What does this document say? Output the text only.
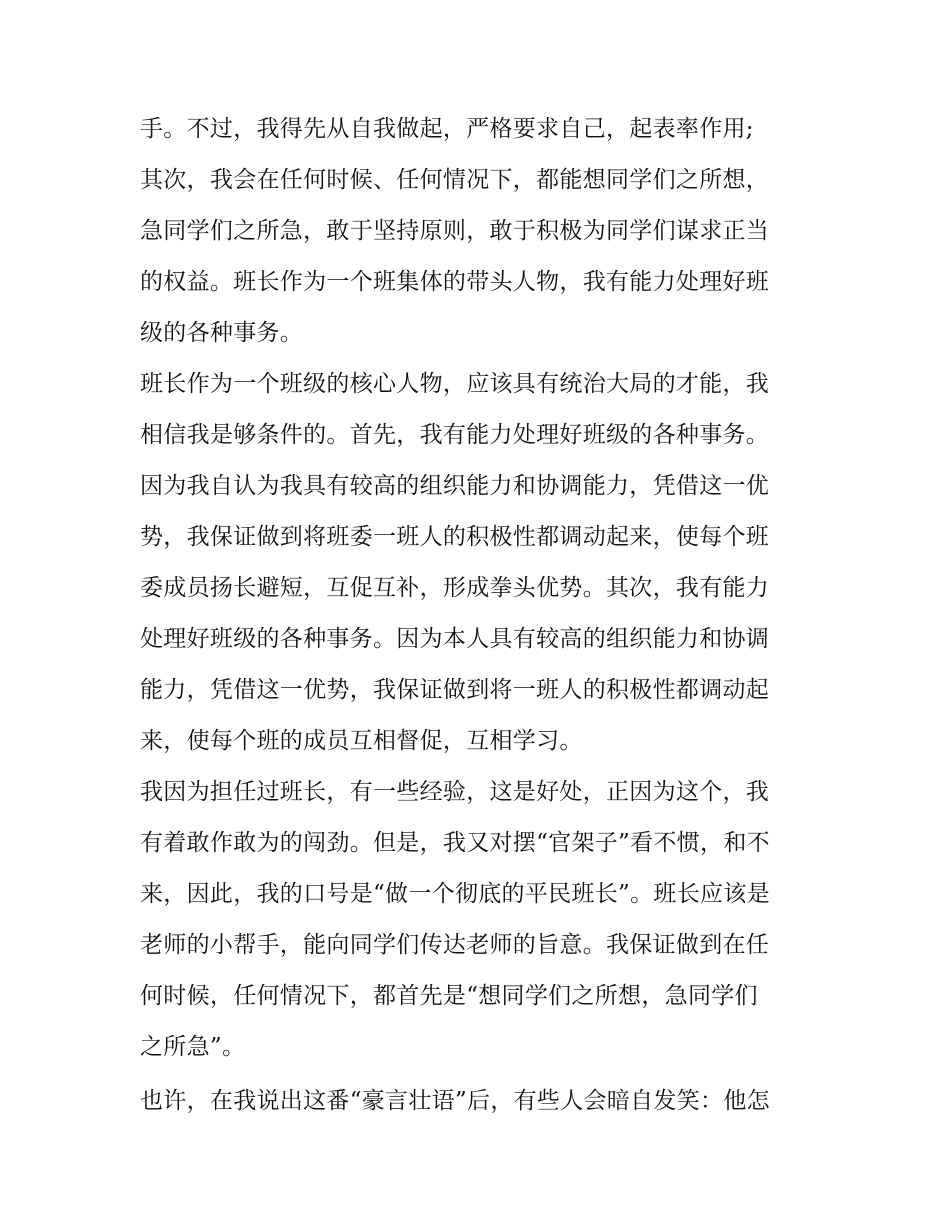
手。不过，我得先从自我做起，严格要求自己，起表率作用;
其次，我会在任何时候、任何情况下，都能想同学们之所想，
急同学们之所急，敢于坚持原则，敢于积极为同学们谋求正当
的权益。班长作为一个班集体的带头人物，我有能力处理好班
级的各种事务。
班长作为一个班级的核心人物，应该具有统治大局的才能，我
相信我是够条件的。首先，我有能力处理好班级的各种事务。
因为我自认为我具有较高的组织能力和协调能力，凭借这一优
势，我保证做到将班委一班人的积极性都调动起来，使每个班
委成员扬长避短，互促互补，形成拳头优势。其次，我有能力
处理好班级的各种事务。因为本人具有较高的组织能力和协调
能力，凭借这一优势，我保证做到将一班人的积极性都调动起
来，使每个班的成员互相督促，互相学习。
我因为担任过班长，有一些经验，这是好处，正因为这个，我
有着敢作敢为的闯劲。但是，我又对摆“官架子”看不惯，和不
来，因此，我的口号是“做一个彻底的平民班长”。班长应该是
老师的小帮手，能向同学们传达老师的旨意。我保证做到在任
何时候，任何情况下，都首先是“想同学们之所想，急同学们
之所急”。
也许，在我说出这番“豪言壮语”后，有些人会暗自发笑：他怎
